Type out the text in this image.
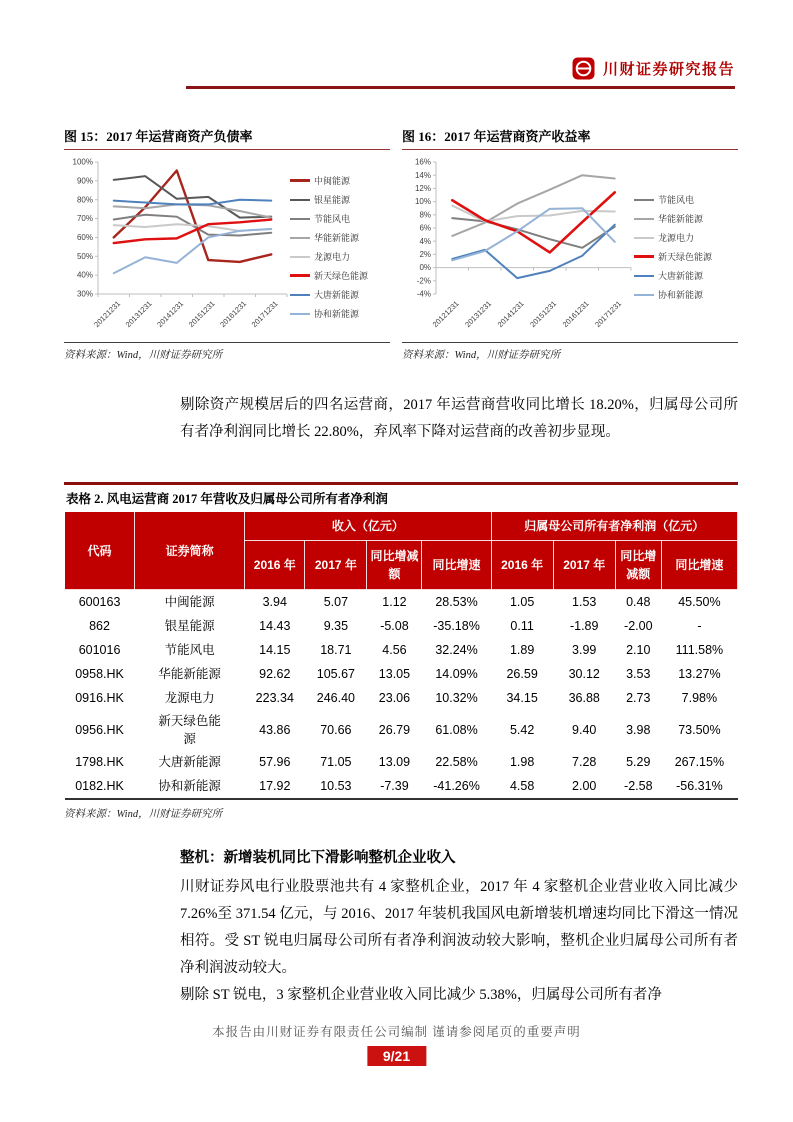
川财证券研究报告
图 15：2017 年运营商资产负债率
30%
40%
50%
60%
70%
80%
90%
100%
20121231 20131231 20141231 20151231 20161231 20171231
中闽能源
银星能源
节能风电
华能新能源
龙源电力
新天绿色能源
大唐新能源
协和新能源
资料来源：Wind，川财证券研究所
图 16：2017 年运营商资产收益率
-4%
-2%
0%
2%
4%
6%
8%
10%
12%
14%
16%
20121231 20131231 20141231 20151231 20161231 20171231
节能风电
华能新能源
龙源电力
新天绿色能源
大唐新能源
协和新能源
资料来源：Wind，川财证券研究所
剔除资产规模居后的四名运营商，2017 年运营商营收同比增长 18.20%，归属母公司所有者净利润同比增长 22.80%，弃风率下降对运营商的改善初步显现。
表格 2. 风电运营商 2017 年营收及归属母公司所有者净利润
代码	证券简称	收入（亿元）				归属母公司所有者净利润（亿元）			
		2016 年	2017 年	同比增减额	同比增速	2016 年	2017 年	同比增减额	同比增速
600163	中闽能源	3.94	5.07	1.12	28.53%	1.05	1.53	0.48	45.50%
862	银星能源	14.43	9.35	-5.08	-35.18%	0.11	-1.89	-2.00	-
601016	节能风电	14.15	18.71	4.56	32.24%	1.89	3.99	2.10	111.58%
0958.HK	华能新能源	92.62	105.67	13.05	14.09%	26.59	30.12	3.53	13.27%
0916.HK	龙源电力	223.34	246.40	23.06	10.32%	34.15	36.88	2.73	7.98%
0956.HK	新天绿色能源	43.86	70.66	26.79	61.08%	5.42	9.40	3.98	73.50%
1798.HK	大唐新能源	57.96	71.05	13.09	22.58%	1.98	7.28	5.29	267.15%
0182.HK	协和新能源	17.92	10.53	-7.39	-41.26%	4.58	2.00	-2.58	-56.31%
资料来源：Wind，川财证券研究所
整机：新增装机同比下滑影响整机企业收入
川财证券风电行业股票池共有 4 家整机企业，2017 年 4 家整机企业营业收入同比减少 7.26%至 371.54 亿元，与 2016、2017 年装机我国风电新增装机增速均同比下滑这一情况相符。受 ST 锐电归属母公司所有者净利润波动较大影响，整机企业归属母公司所有者净利润波动较大。
剔除 ST 锐电，3 家整机企业营业收入同比减少 5.38%，归属母公司所有者净
本报告由川财证券有限责任公司编制 谨请参阅尾页的重要声明
9/21
